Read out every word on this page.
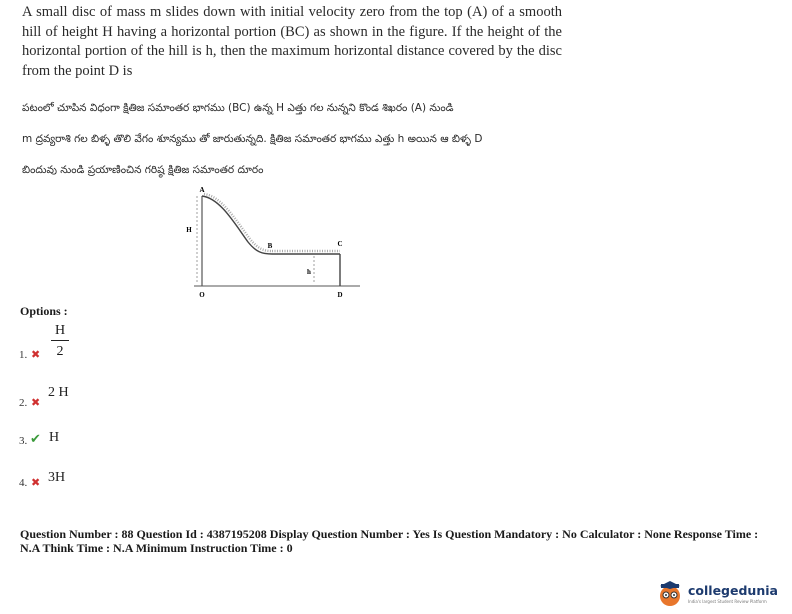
A small disc of mass m slides down with initial velocity zero from the top (A) of a smooth hill of height H having a horizontal portion (BC) as shown in the figure. If the height of the horizontal portion of the hill is h, then the maximum horizontal distance covered by the disc from the point D is
పటంలో చూపిన విధంగా క్షితిజ సమాంతర భాగము (BC) ఉన్న H ఎత్తు గల నున్నని కొండ శిఖరం (A) నుండి
m ద్రవ్యరాశి గల బిళ్ళ తొలి వేగం శూన్యము తో జారుతున్నది. క్షితిజ సమాంతర భాగము ఎత్తు h అయిన ఆ బిళ్ళ D
బిందువు నుండి ప్రయాణించిన గరిష్ఠ క్షితిజ సమాంతర దూరం
A
H
B	C
h
O	D
Options :
H
2
1. ✖
2. ✖
2 H
3. ✔ H
4. ✖ 3H
Question Number : 88 Question Id : 4387195208 Display Question Number : Yes Is Question Mandatory : No Calculator : None Response Time :
N.A Think Time : N.A Minimum Instruction Time : 0
collegedunia
India's largest Student Review Platform
